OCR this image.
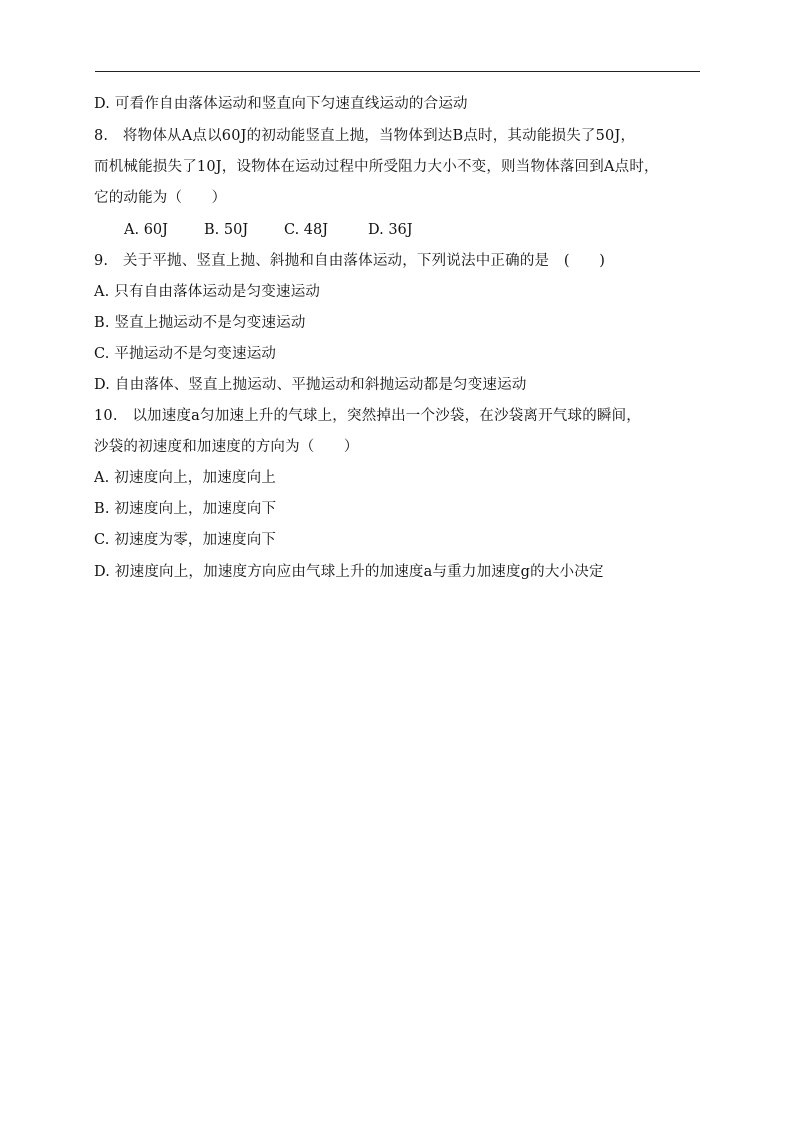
D. 可看作自由落体运动和竖直向下匀速直线运动的合运动
8.　将物体从A点以60J的初动能竖直上抛，当物体到达B点时，其动能损失了50J，
而机械能损失了10J，设物体在运动过程中所受阻力大小不变，则当物体落回到A点时，
它的动能为（　　）
A. 60J B. 50J C. 48J	D. 36J
9.　关于平抛、竖直上抛、斜抛和自由落体运动，下列说法中正确的是　(　　)
A. 只有自由落体运动是匀变速运动
B. 竖直上抛运动不是匀变速运动
C. 平抛运动不是匀变速运动
D. 自由落体、竖直上抛运动、平抛运动和斜抛运动都是匀变速运动
10.　以加速度a匀加速上升的气球上，突然掉出一个沙袋，在沙袋离开气球的瞬间，
沙袋的初速度和加速度的方向为（　　）
A. 初速度向上，加速度向上
B. 初速度向上，加速度向下
C. 初速度为零，加速度向下
D. 初速度向上，加速度方向应由气球上升的加速度a与重力加速度g的大小决定
